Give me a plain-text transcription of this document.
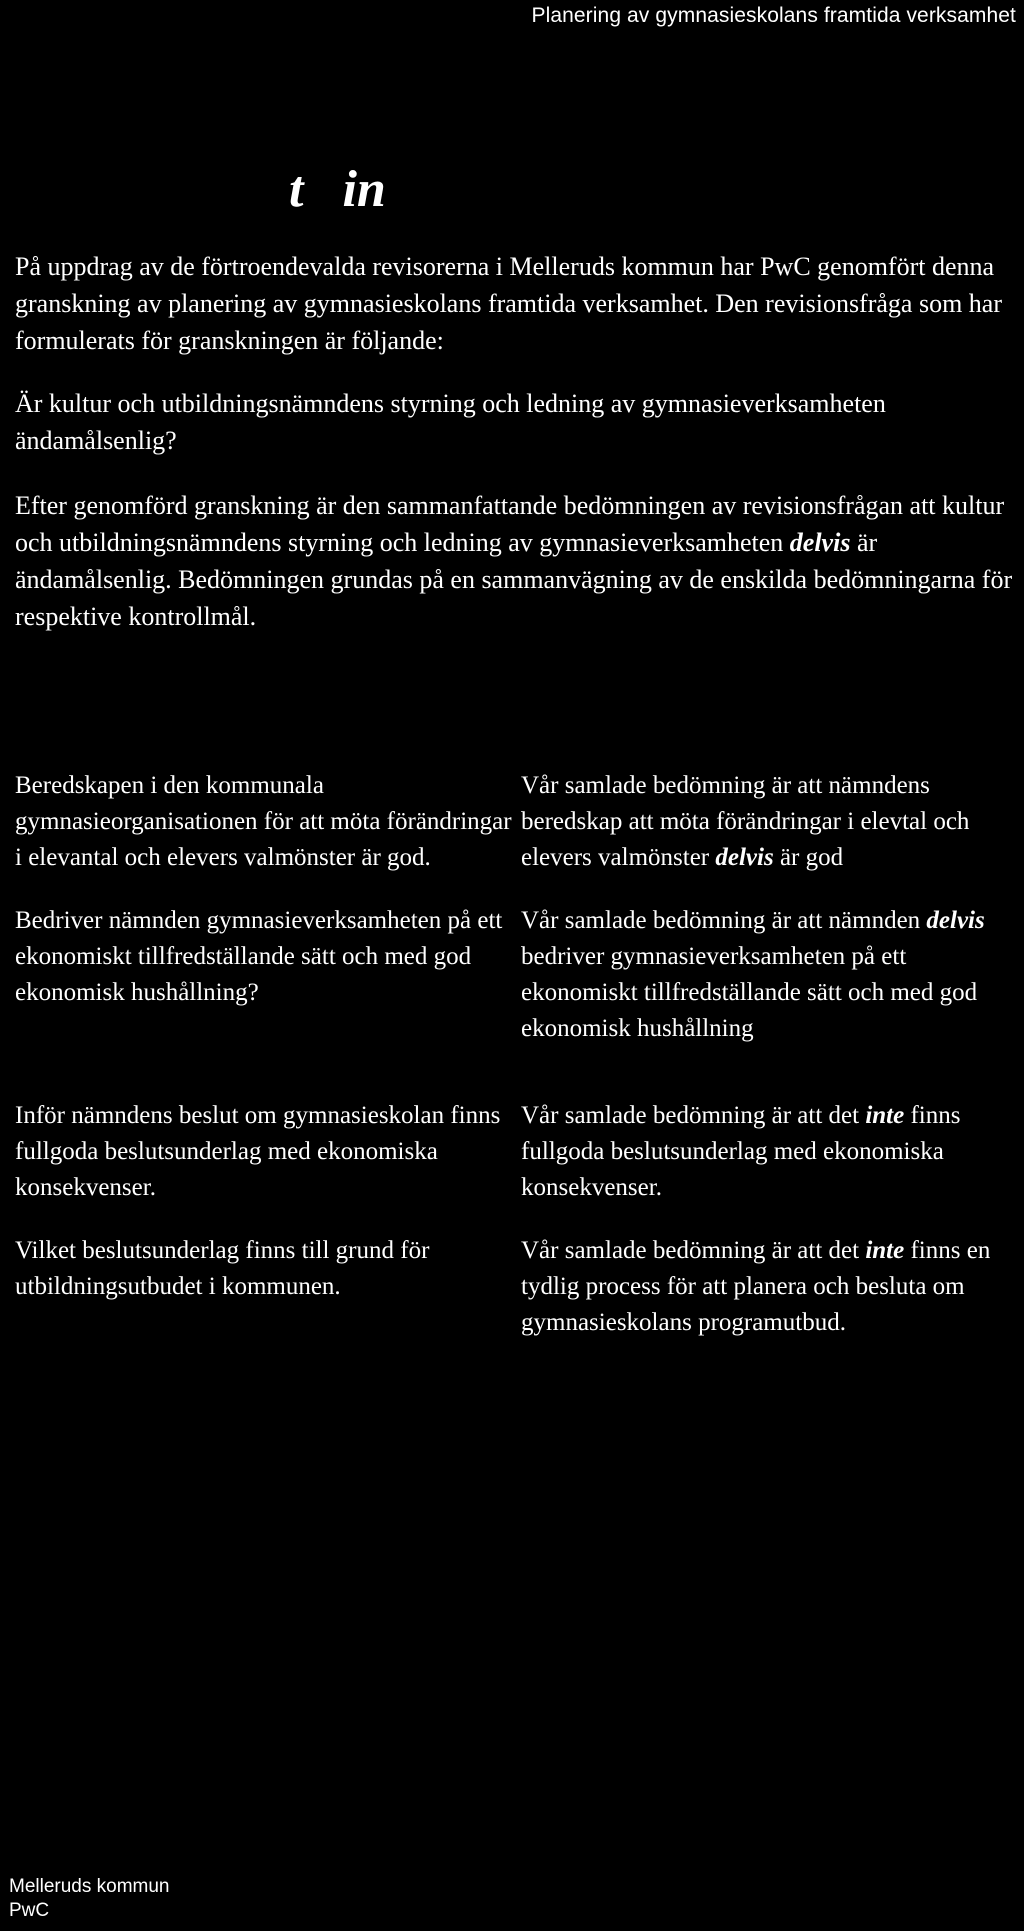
Planering av gymnasieskolans framtida verksamhet
t   in

På uppdrag av de förtroendevalda revisorerna i Melleruds kommun har PwC genomfört denna granskning av planering av gymnasieskolans framtida verksamhet. Den revisionsfråga som har formulerats för granskningen är följande:

Är kultur och utbildningsnämndens styrning och ledning av gymnasieverksamheten ändamålsenlig?

Efter genomförd granskning är den sammanfattande bedömningen av revisionsfrågan att kultur och utbildningsnämndens styrning och ledning av gymnasieverksamheten delvis är ändamålsenlig. Bedömningen grundas på en sammanvägning av de enskilda bedömningarna för respektive kontrollmål.

Beredskapen i den kommunala gymnasieorganisationen för att möta förändringar i elevantal och elevers valmönster är god.

Vår samlade bedömning är att nämndens beredskap att möta förändringar i elevtal och elevers valmönster delvis är god

Bedriver nämnden gymnasieverksamheten på ett ekonomiskt tillfredställande sätt och med god ekonomisk hushållning?

Vår samlade bedömning är att nämnden delvis bedriver gymnasieverksamheten på ett ekonomiskt tillfredställande sätt och med god ekonomisk hushållning

Inför nämndens beslut om gymnasieskolan finns fullgoda beslutsunderlag med ekonomiska konsekvenser.

Vår samlade bedömning är att det inte finns fullgoda beslutsunderlag med ekonomiska konsekvenser.

Vilket beslutsunderlag finns till grund för utbildningsutbudet i kommunen.

Vår samlade bedömning är att det inte finns en tydlig process för att planera och besluta om gymnasieskolans programutbud.

Melleruds kommun
PwC
